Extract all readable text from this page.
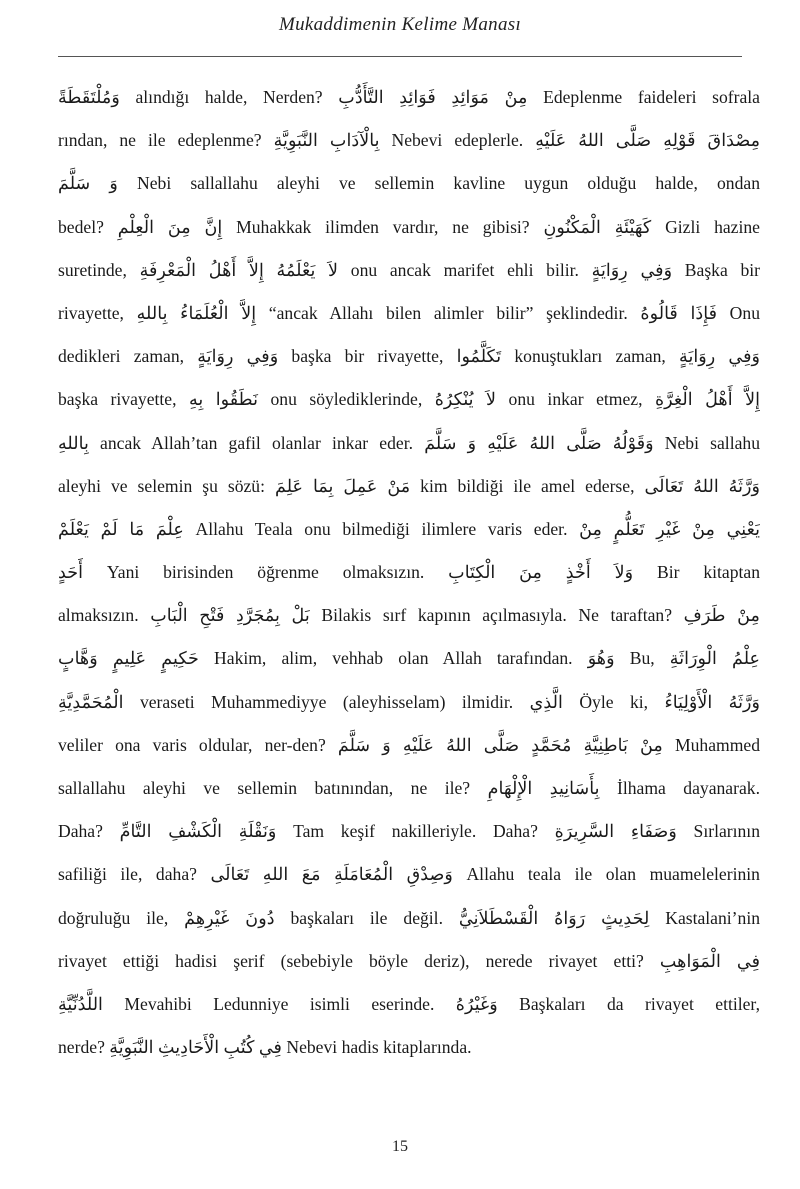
Mukaddimenin Kelime Manası
وَمُلْتَقَطَةً alındığı halde, Nerden? مِنْ مَوَائِدِ فَوَائِدِ التَّأَدُّبِ Edeplenme faideleri sofrala
rından, ne ile edeplenme? بِالْآدَابِ النَّبَوِيَّةِ Nebevi edeplerle. مِصْدَاقَ قَوْلِهِ صَلَّى اللهُ عَلَيْهِ
وَ سَلَّمَ Nebi sallallahu aleyhi ve sellemin kavline uygun olduğu halde, ondan
bedel? إِنَّ مِنَ الْعِلْمِ Muhakkak ilimden vardır, ne gibisi? كَهَيْئَةِ الْمَكْنُونِ Gizli hazine
suretinde, لاَ يَعْلَمُهُ إِلاَّ أَهْلُ الْمَعْرِفَةِ onu ancak marifet ehli bilir. وَفِي رِوَايَةٍ Başka bir
rivayette, إِلاَّ الْعُلَمَاءُ بِاللهِ “ancak Allahı bilen alimler bilir” şeklindedir. فَإِذَا قَالُوهُ Onu
dedikleri zaman, وَفِي رِوَايَةٍ başka bir rivayette, تَكَلَّمُوا konuştukları zaman, وَفِي رِوَايَةٍ
başka rivayette, نَطَقُوا بِهِ onu söylediklerinde, لاَ يُنْكِرُهُ onu inkar etmez, إِلاَّ أَهْلُ الْغِرَّةِ
بِاللهِ ancak Allah’tan gafil olanlar inkar eder. وَقَوْلُهُ صَلَّى اللهُ عَلَيْهِ وَ سَلَّمَ Nebi sallahu
aleyhi ve selemin şu sözü: مَنْ عَمِلَ بِمَا عَلِمَ kim bildiği ile amel ederse, وَرَّثَهُ اللهُ تَعَالَى
عِلْمَ مَا لَمْ يَعْلَمْ Allahu Teala onu bilmediği ilimlere varis eder. يَعْنِي مِنْ غَيْرِ تَعَلُّمٍ مِنْ
أَحَدٍ Yani birisinden öğrenme olmaksızın. وَلاَ أَخْذٍ مِنَ الْكِتَابِ Bir kitaptan
almaksızın. بَلْ بِمُجَرَّدِ فَتْحِ الْبَابِ Bilakis sırf kapının açılmasıyla. Ne taraftan? مِنْ طَرَفِ
حَكِيمٍ عَلِيمٍ وَهَّابٍ Hakim, alim, vehhab olan Allah tarafından. وَهُوَ Bu, عِلْمُ الْوِرَاثَةِ
الْمُحَمَّدِيَّةِ veraseti Muhammediyye (aleyhisselam) ilmidir. الَّذِي Öyle ki, وَرَّثَهُ الْأَوْلِيَاءُ
veliler ona varis oldular, ner-den? مِنْ بَاطِنِيَّةِ مُحَمَّدٍ صَلَّى اللهُ عَلَيْهِ وَ سَلَّمَ Muhammed
sallallahu aleyhi ve sellemin batınından, ne ile? بِأَسَانِيدِ الْإِلْهَامِ İlhama dayanarak.
Daha? وَنَقْلَةِ الْكَشْفِ التَّامِّ Tam keşif nakilleriyle. Daha? وَصَفَاءِ السَّرِيرَةِ Sırlarının
safiliği ile, daha? وَصِدْقِ الْمُعَامَلَةِ مَعَ اللهِ تَعَالَى Allahu teala ile olan muamelelerinin
doğruluğu ile, دُونَ غَيْرِهِمْ başkaları ile değil. لِحَدِيثٍ رَوَاهُ الْقَسْطَلاَنِيُّ Kastalani’nin
rivayet ettiği hadisi şerif (sebebiyle böyle deriz), nerede rivayet etti? فِي الْمَوَاهِبِ
اللَّدُنِّيَّةِ Mevahibi Ledunniye isimli eserinde. وَغَيْرُهُ Başkaları da rivayet ettiler,
nerde? فِي كُتُبِ الْأَحَادِيثِ النَّبَوِيَّةِ Nebevi hadis kitaplarında.
15
